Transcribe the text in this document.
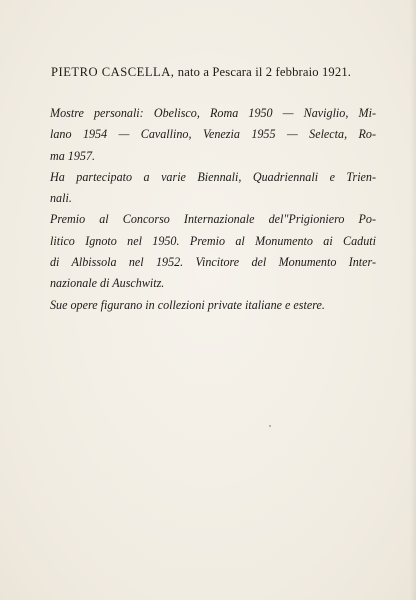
PIETRO CASCELLA, nato a Pescara il 2 febbraio 1921.
Mostre personali: Obelisco, Roma 1950 — Naviglio, Mi-
lano 1954 — Cavallino, Venezia 1955 — Selecta, Ro-
ma 1957.
Ha partecipato a varie Biennali, Quadriennali e Trien-
nali.
Premio al Concorso Internazionale del"Prigioniero Po-
litico Ignoto nel 1950. Premio al Monumento ai Caduti
di Albissola nel 1952. Vincitore del Monumento Inter-
nazionale di Auschwitz.
Sue opere figurano in collezioni private italiane e estere.
